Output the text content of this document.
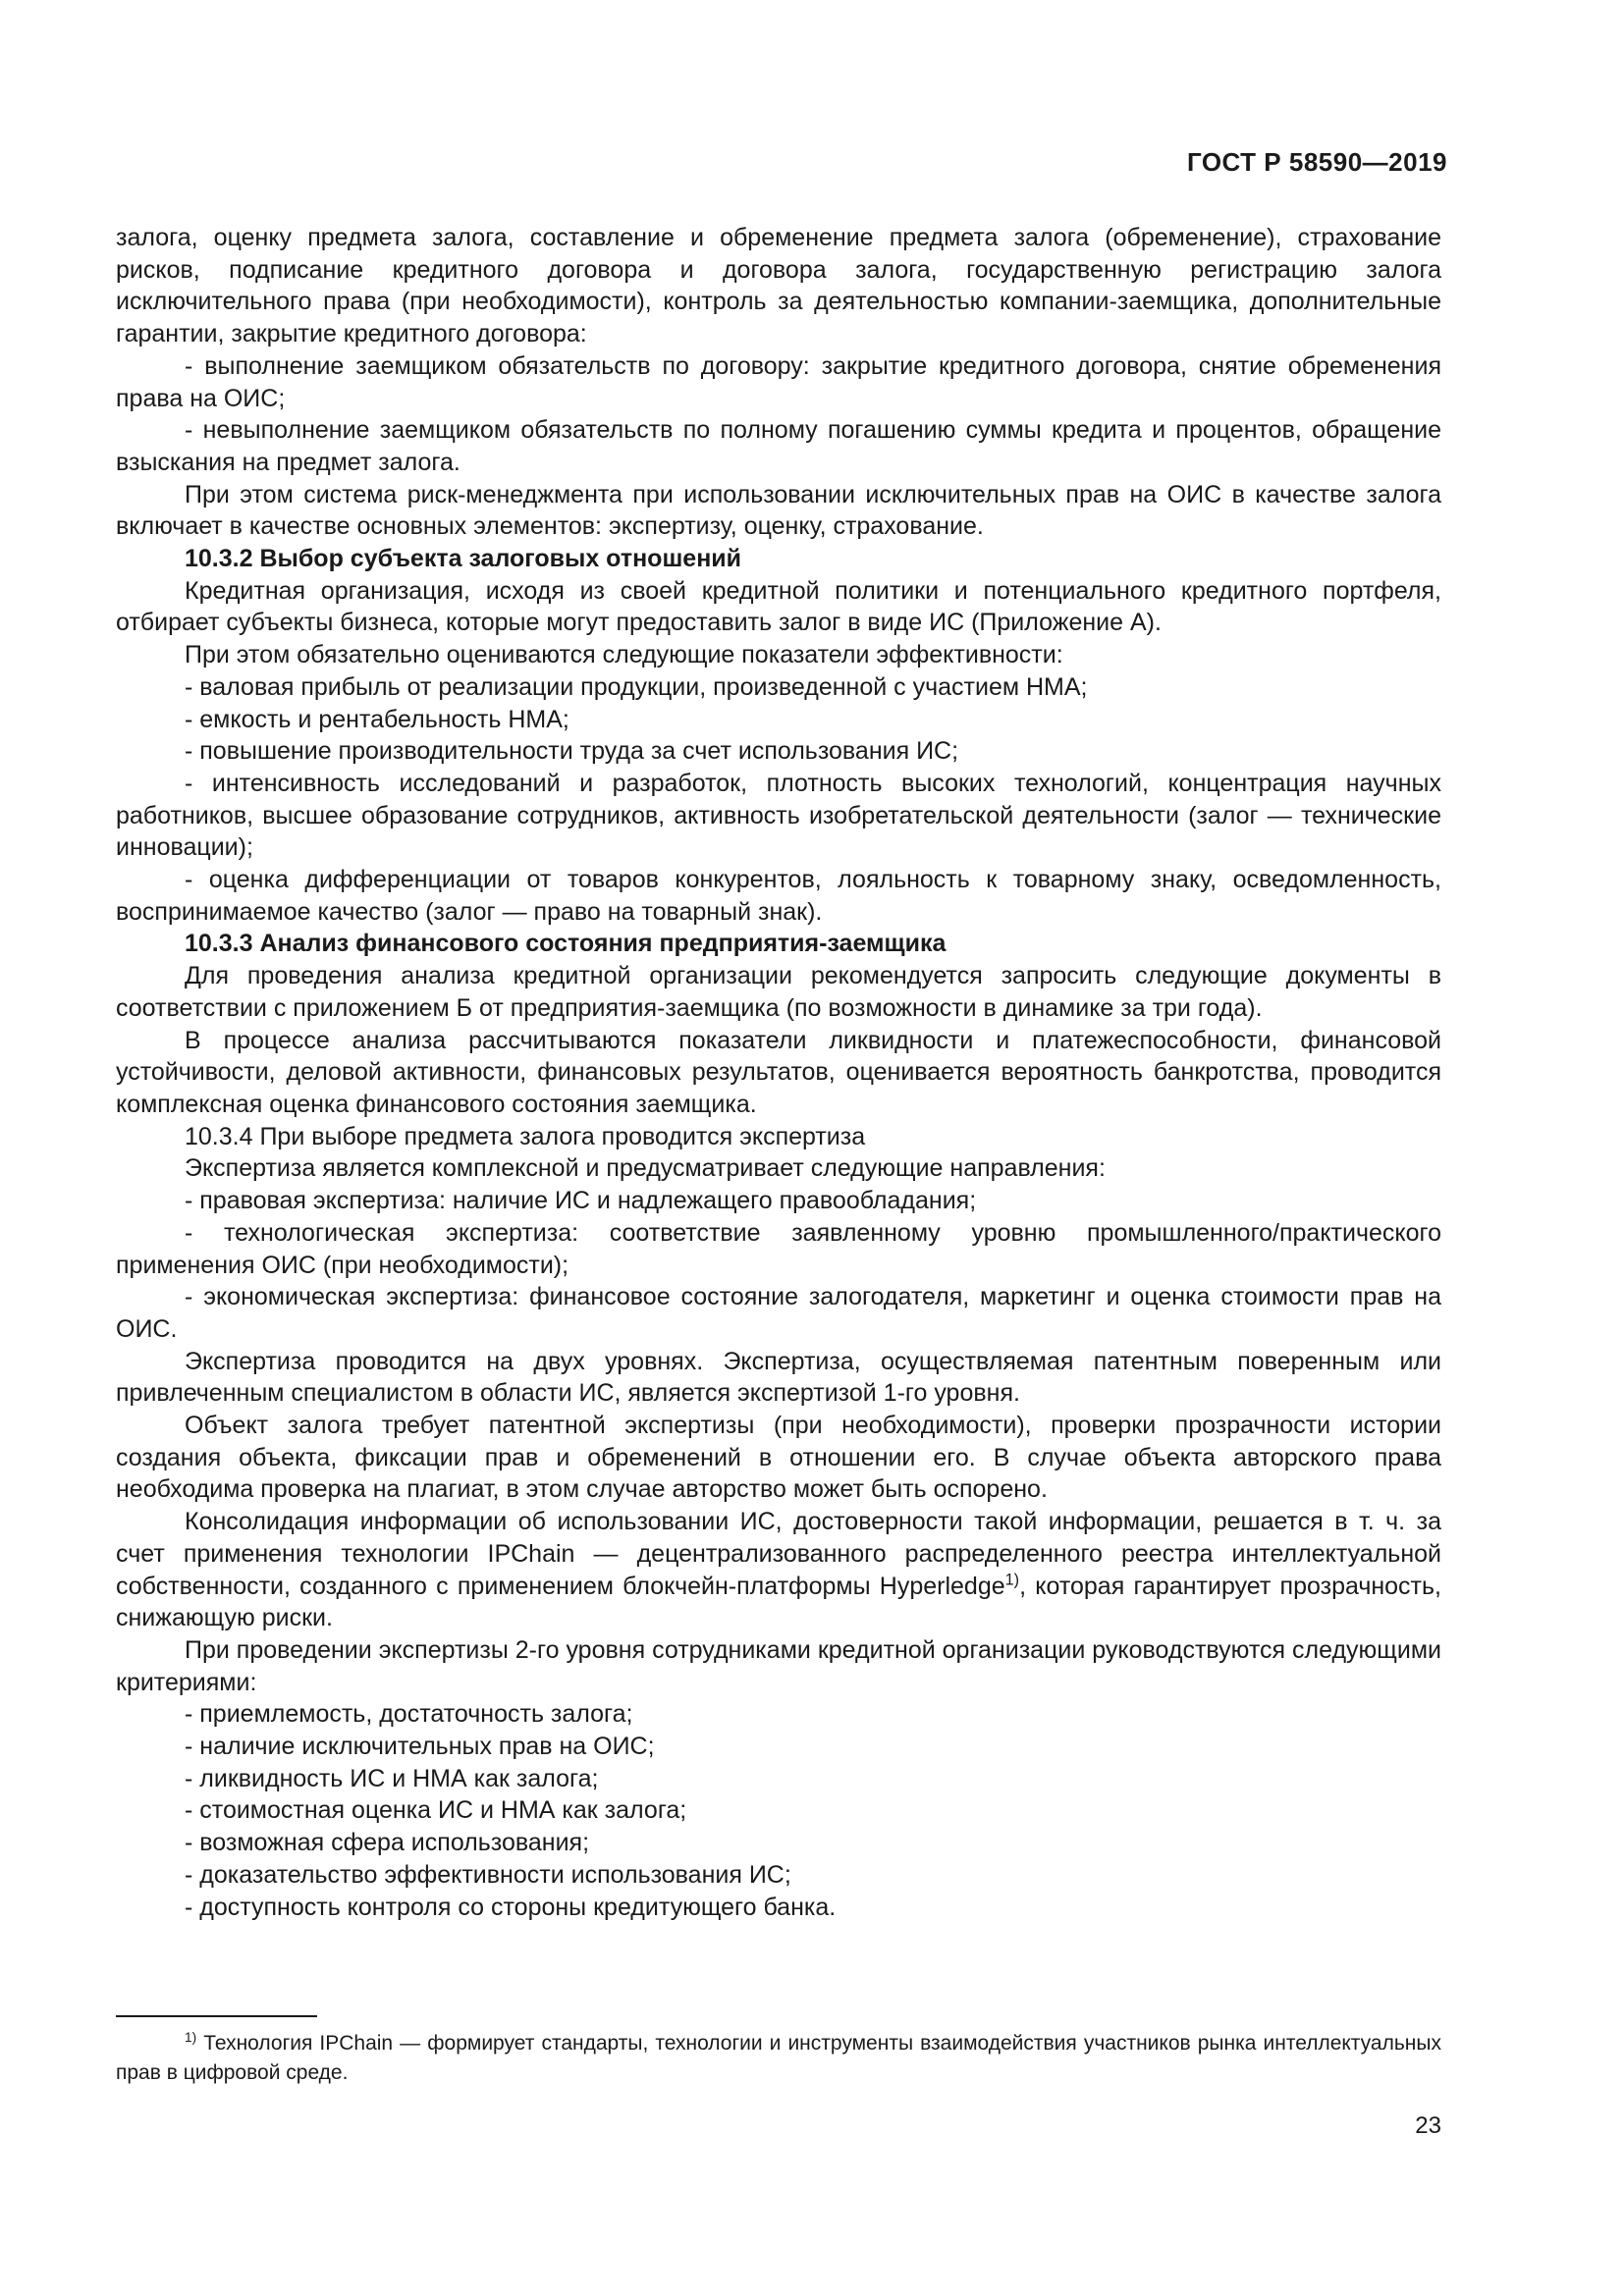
ГОСТ Р 58590—2019

залога, оценку предмета залога, составление и обременение предмета залога (обременение), страхование рисков, подписание кредитного договора и договора залога, государственную регистрацию залога исключительного права (при необходимости), контроль за деятельностью компании-заемщика, дополнительные гарантии, закрытие кредитного договора:

- выполнение заемщиком обязательств по договору: закрытие кредитного договора, снятие обременения права на ОИС;

- невыполнение заемщиком обязательств по полному погашению суммы кредита и процентов, обращение взыскания на предмет залога.

При этом система риск-менеджмента при использовании исключительных прав на ОИС в качестве залога включает в качестве основных элементов: экспертизу, оценку, страхование.

10.3.2 Выбор субъекта залоговых отношений

Кредитная организация, исходя из своей кредитной политики и потенциального кредитного портфеля, отбирает субъекты бизнеса, которые могут предоставить залог в виде ИС (Приложение А).

При этом обязательно оцениваются следующие показатели эффективности:

- валовая прибыль от реализации продукции, произведенной с участием НМА;

- емкость и рентабельность НМА;

- повышение производительности труда за счет использования ИС;

- интенсивность исследований и разработок, плотность высоких технологий, концентрация научных работников, высшее образование сотрудников, активность изобретательской деятельности (залог — технические инновации);

- оценка дифференциации от товаров конкурентов, лояльность к товарному знаку, осведомленность, воспринимаемое качество (залог — право на товарный знак).

10.3.3 Анализ финансового состояния предприятия-заемщика

Для проведения анализа кредитной организации рекомендуется запросить следующие документы в соответствии с приложением Б от предприятия-заемщика (по возможности в динамике за три года).

В процессе анализа рассчитываются показатели ликвидности и платежеспособности, финансовой устойчивости, деловой активности, финансовых результатов, оценивается вероятность банкротства, проводится комплексная оценка финансового состояния заемщика.

10.3.4 При выборе предмета залога проводится экспертиза

Экспертиза является комплексной и предусматривает следующие направления:

- правовая экспертиза: наличие ИС и надлежащего правообладания;

- технологическая экспертиза: соответствие заявленному уровню промышленного/практического применения ОИС (при необходимости);

- экономическая экспертиза: финансовое состояние залогодателя, маркетинг и оценка стоимости прав на ОИС.

Экспертиза проводится на двух уровнях. Экспертиза, осуществляемая патентным поверенным или привлеченным специалистом в области ИС, является экспертизой 1-го уровня.

Объект залога требует патентной экспертизы (при необходимости), проверки прозрачности истории создания объекта, фиксации прав и обременений в отношении его. В случае объекта авторского права необходима проверка на плагиат, в этом случае авторство может быть оспорено.

Консолидация информации об использовании ИС, достоверности такой информации, решается в т. ч. за счет применения технологии IPChain — децентрализованного распределенного реестра интеллектуальной собственности, созданного с применением блокчейн-платформы Hyperledge$^{1)}$, которая гарантирует прозрачность, снижающую риски.

При проведении экспертизы 2-го уровня сотрудниками кредитной организации руководствуются следующими критериями:

- приемлемость, достаточность залога;

- наличие исключительных прав на ОИС;

- ликвидность ИС и НМА как залога;

- стоимостная оценка ИС и НМА как залога;

- возможная сфера использования;

- доказательство эффективности использования ИС;

- доступность контроля со стороны кредитующего банка.

$^{1)}$ Технология IPChain — формирует стандарты, технологии и инструменты взаимодействия участников рынка интеллектуальных прав в цифровой среде.
23
